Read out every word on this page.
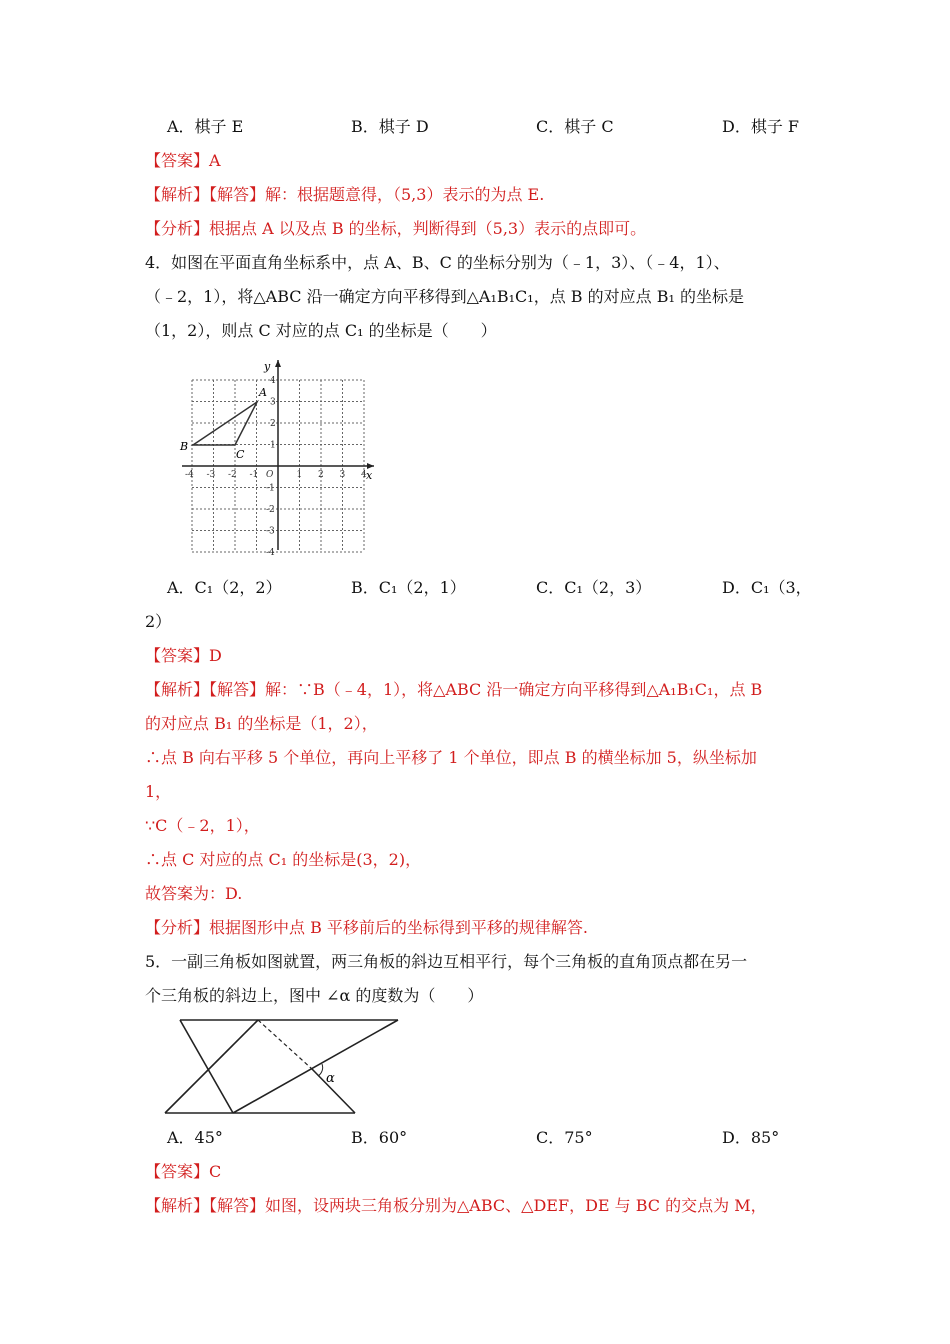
A．棋子 E	B．棋子 D	C．棋子 C	D．棋子 F
【答案】A
【解析】【解答】解：根据题意得，（5,3）表示的为点 E.
【分析】根据点 A 以及点 B 的坐标，判断得到（5,3）表示的点即可。
4．如图在平面直角坐标系中，点 A、B、C 的坐标分别为（﹣1，3）、（﹣4，1）、
（﹣2，1），将△ABC 沿一确定方向平移得到△A₁B₁C₁，点 B 的对应点 B₁ 的坐标是
（1，2），则点 C 对应的点 C₁ 的坐标是（　　）
x
y
-4 -3 -2 -1 O	1 2 3 4
4
3
2
1
-1
-2
-3
-4
B
C
A
A．C₁（2，2）	B．C₁（2，1）	C．C₁（2，3）	D．C₁（3，
2）
【答案】D
【解析】【解答】解：∵B（﹣4，1），将△ABC 沿一确定方向平移得到△A₁B₁C₁，点 B
的对应点 B₁ 的坐标是（1，2），
∴点 B 向右平移 5 个单位，再向上平移了 1 个单位，即点 B 的横坐标加 5，纵坐标加
1，
∵C（﹣2，1），
∴点 C 对应的点 C₁ 的坐标是(3，2)，
故答案为：D.
【分析】根据图形中点 B 平移前后的坐标得到平移的规律解答.
5．一副三角板如图就置，两三角板的斜边互相平行，每个三角板的直角顶点都在另一
个三角板的斜边上，图中 ∠α 的度数为（　　）
α
A．45°	B．60°	C．75°	D．85°
【答案】C
【解析】【解答】如图，设两块三角板分别为△ABC、△DEF，DE 与 BC 的交点为 M，
